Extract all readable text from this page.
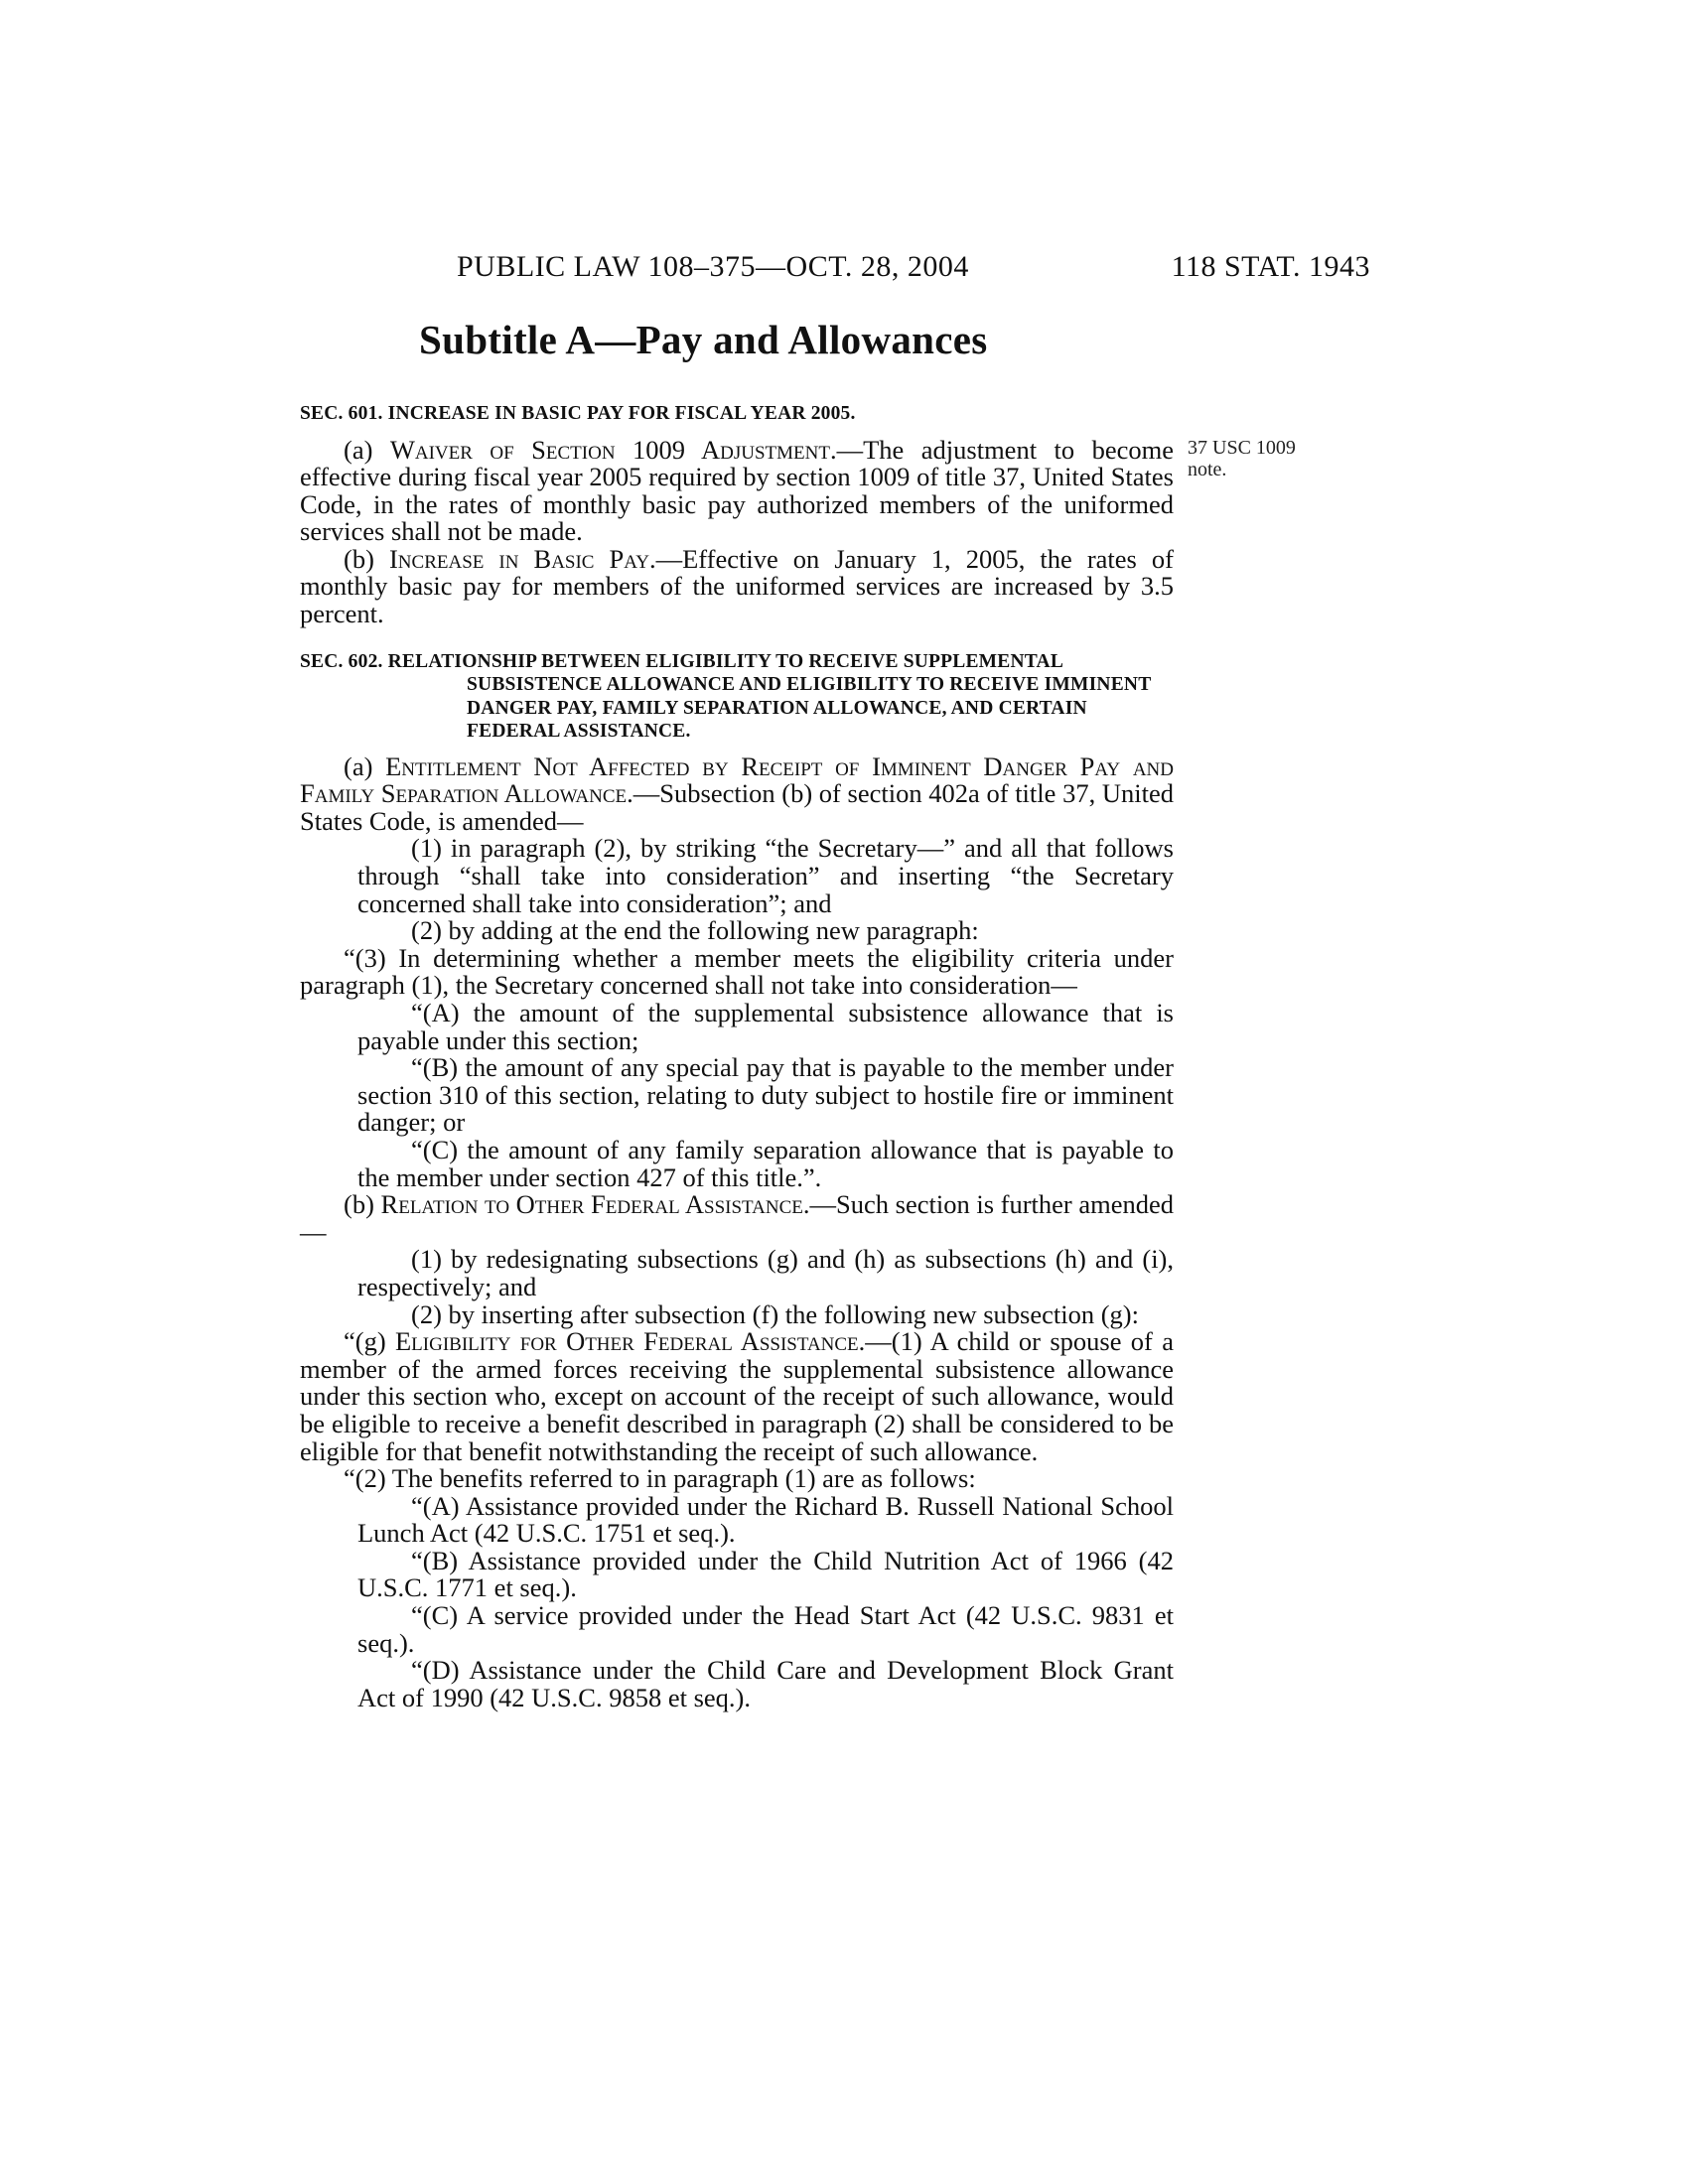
PUBLIC LAW 108–375—OCT. 28, 2004	118 STAT. 1943
Subtitle A—Pay and Allowances
37 USC 1009
note.
SEC. 601. INCREASE IN BASIC PAY FOR FISCAL YEAR 2005.

(a) Waiver of Section 1009 Adjustment.—The adjustment to become effective during fiscal year 2005 required by section 1009 of title 37, United States Code, in the rates of monthly basic pay authorized members of the uniformed services shall not be made.

(b) Increase in Basic Pay.—Effective on January 1, 2005, the rates of monthly basic pay for members of the uniformed services are increased by 3.5 percent.

SEC. 602. RELATIONSHIP BETWEEN ELIGIBILITY TO RECEIVE SUPPLEMENTAL SUBSISTENCE ALLOWANCE AND ELIGIBILITY TO RECEIVE IMMINENT DANGER PAY, FAMILY SEPARATION ALLOWANCE, AND CERTAIN FEDERAL ASSISTANCE.

(a) Entitlement Not Affected by Receipt of Imminent Danger Pay and Family Separation Allowance.—Subsection (b) of section 402a of title 37, United States Code, is amended—

(1) in paragraph (2), by striking “the Secretary—” and all that follows through “shall take into consideration” and inserting “the Secretary concerned shall take into consideration”; and

(2) by adding at the end the following new paragraph:

“(3) In determining whether a member meets the eligibility criteria under paragraph (1), the Secretary concerned shall not take into consideration—

“(A) the amount of the supplemental subsistence allowance that is payable under this section;

“(B) the amount of any special pay that is payable to the member under section 310 of this section, relating to duty subject to hostile fire or imminent danger; or

“(C) the amount of any family separation allowance that is payable to the member under section 427 of this title.”.

(b) Relation to Other Federal Assistance.—Such section is further amended—

(1) by redesignating subsections (g) and (h) as subsections (h) and (i), respectively; and

(2) by inserting after subsection (f) the following new subsection (g):

“(g) Eligibility for Other Federal Assistance.—(1) A child or spouse of a member of the armed forces receiving the supplemental subsistence allowance under this section who, except on account of the receipt of such allowance, would be eligible to receive a benefit described in paragraph (2) shall be considered to be eligible for that benefit notwithstanding the receipt of such allowance.

“(2) The benefits referred to in paragraph (1) are as follows:

“(A) Assistance provided under the Richard B. Russell National School Lunch Act (42 U.S.C. 1751 et seq.).

“(B) Assistance provided under the Child Nutrition Act of 1966 (42 U.S.C. 1771 et seq.).

“(C) A service provided under the Head Start Act (42 U.S.C. 9831 et seq.).

“(D) Assistance under the Child Care and Development Block Grant Act of 1990 (42 U.S.C. 9858 et seq.).
